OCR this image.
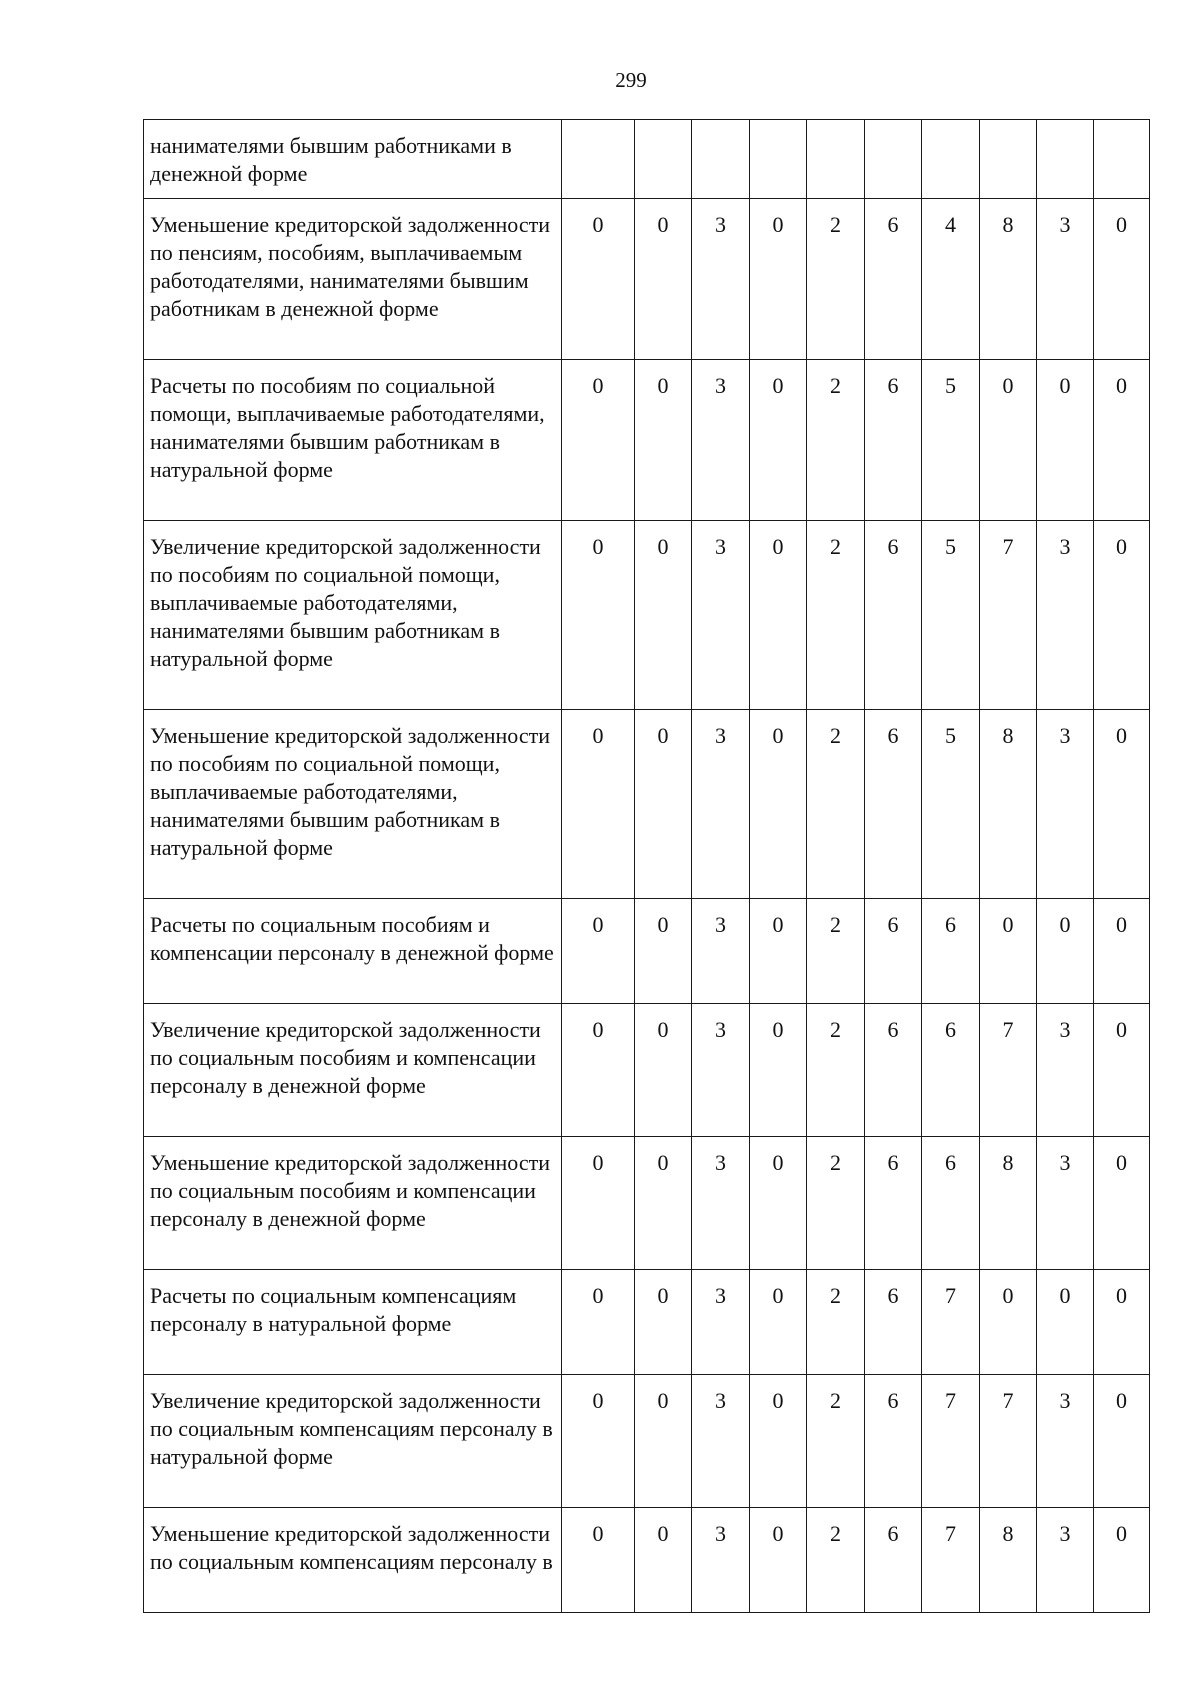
299
нанимателями бывшим работниками в денежной форме										
Уменьшение кредиторской задолженности по пенсиям, пособиям, выплачиваемым работодателями, нанимателями бывшим работникам в денежной форме	0	0	3	0	2	6	4	8	3	0
Расчеты по пособиям по социальной помощи, выплачиваемые работодателями, нанимателями бывшим работникам в натуральной форме	0	0	3	0	2	6	5	0	0	0
Увеличение кредиторской задолженности по пособиям по социальной помощи, выплачиваемые работодателями, нанимателями бывшим работникам в натуральной форме	0	0	3	0	2	6	5	7	3	0
Уменьшение кредиторской задолженности по пособиям по социальной помощи, выплачиваемые работодателями, нанимателями бывшим работникам в натуральной форме	0	0	3	0	2	6	5	8	3	0
Расчеты по социальным пособиям и компенсации персоналу в денежной форме	0	0	3	0	2	6	6	0	0	0
Увеличение кредиторской задолженности по социальным пособиям и компенсации персоналу в денежной форме	0	0	3	0	2	6	6	7	3	0
Уменьшение кредиторской задолженности по социальным пособиям и компенсации персоналу в денежной форме	0	0	3	0	2	6	6	8	3	0
Расчеты по социальным компенсациям персоналу в натуральной форме	0	0	3	0	2	6	7	0	0	0
Увеличение кредиторской задолженности по социальным компенсациям персоналу в натуральной форме	0	0	3	0	2	6	7	7	3	0
Уменьшение кредиторской задолженности по социальным компенсациям персоналу в	0	0	3	0	2	6	7	8	3	0
